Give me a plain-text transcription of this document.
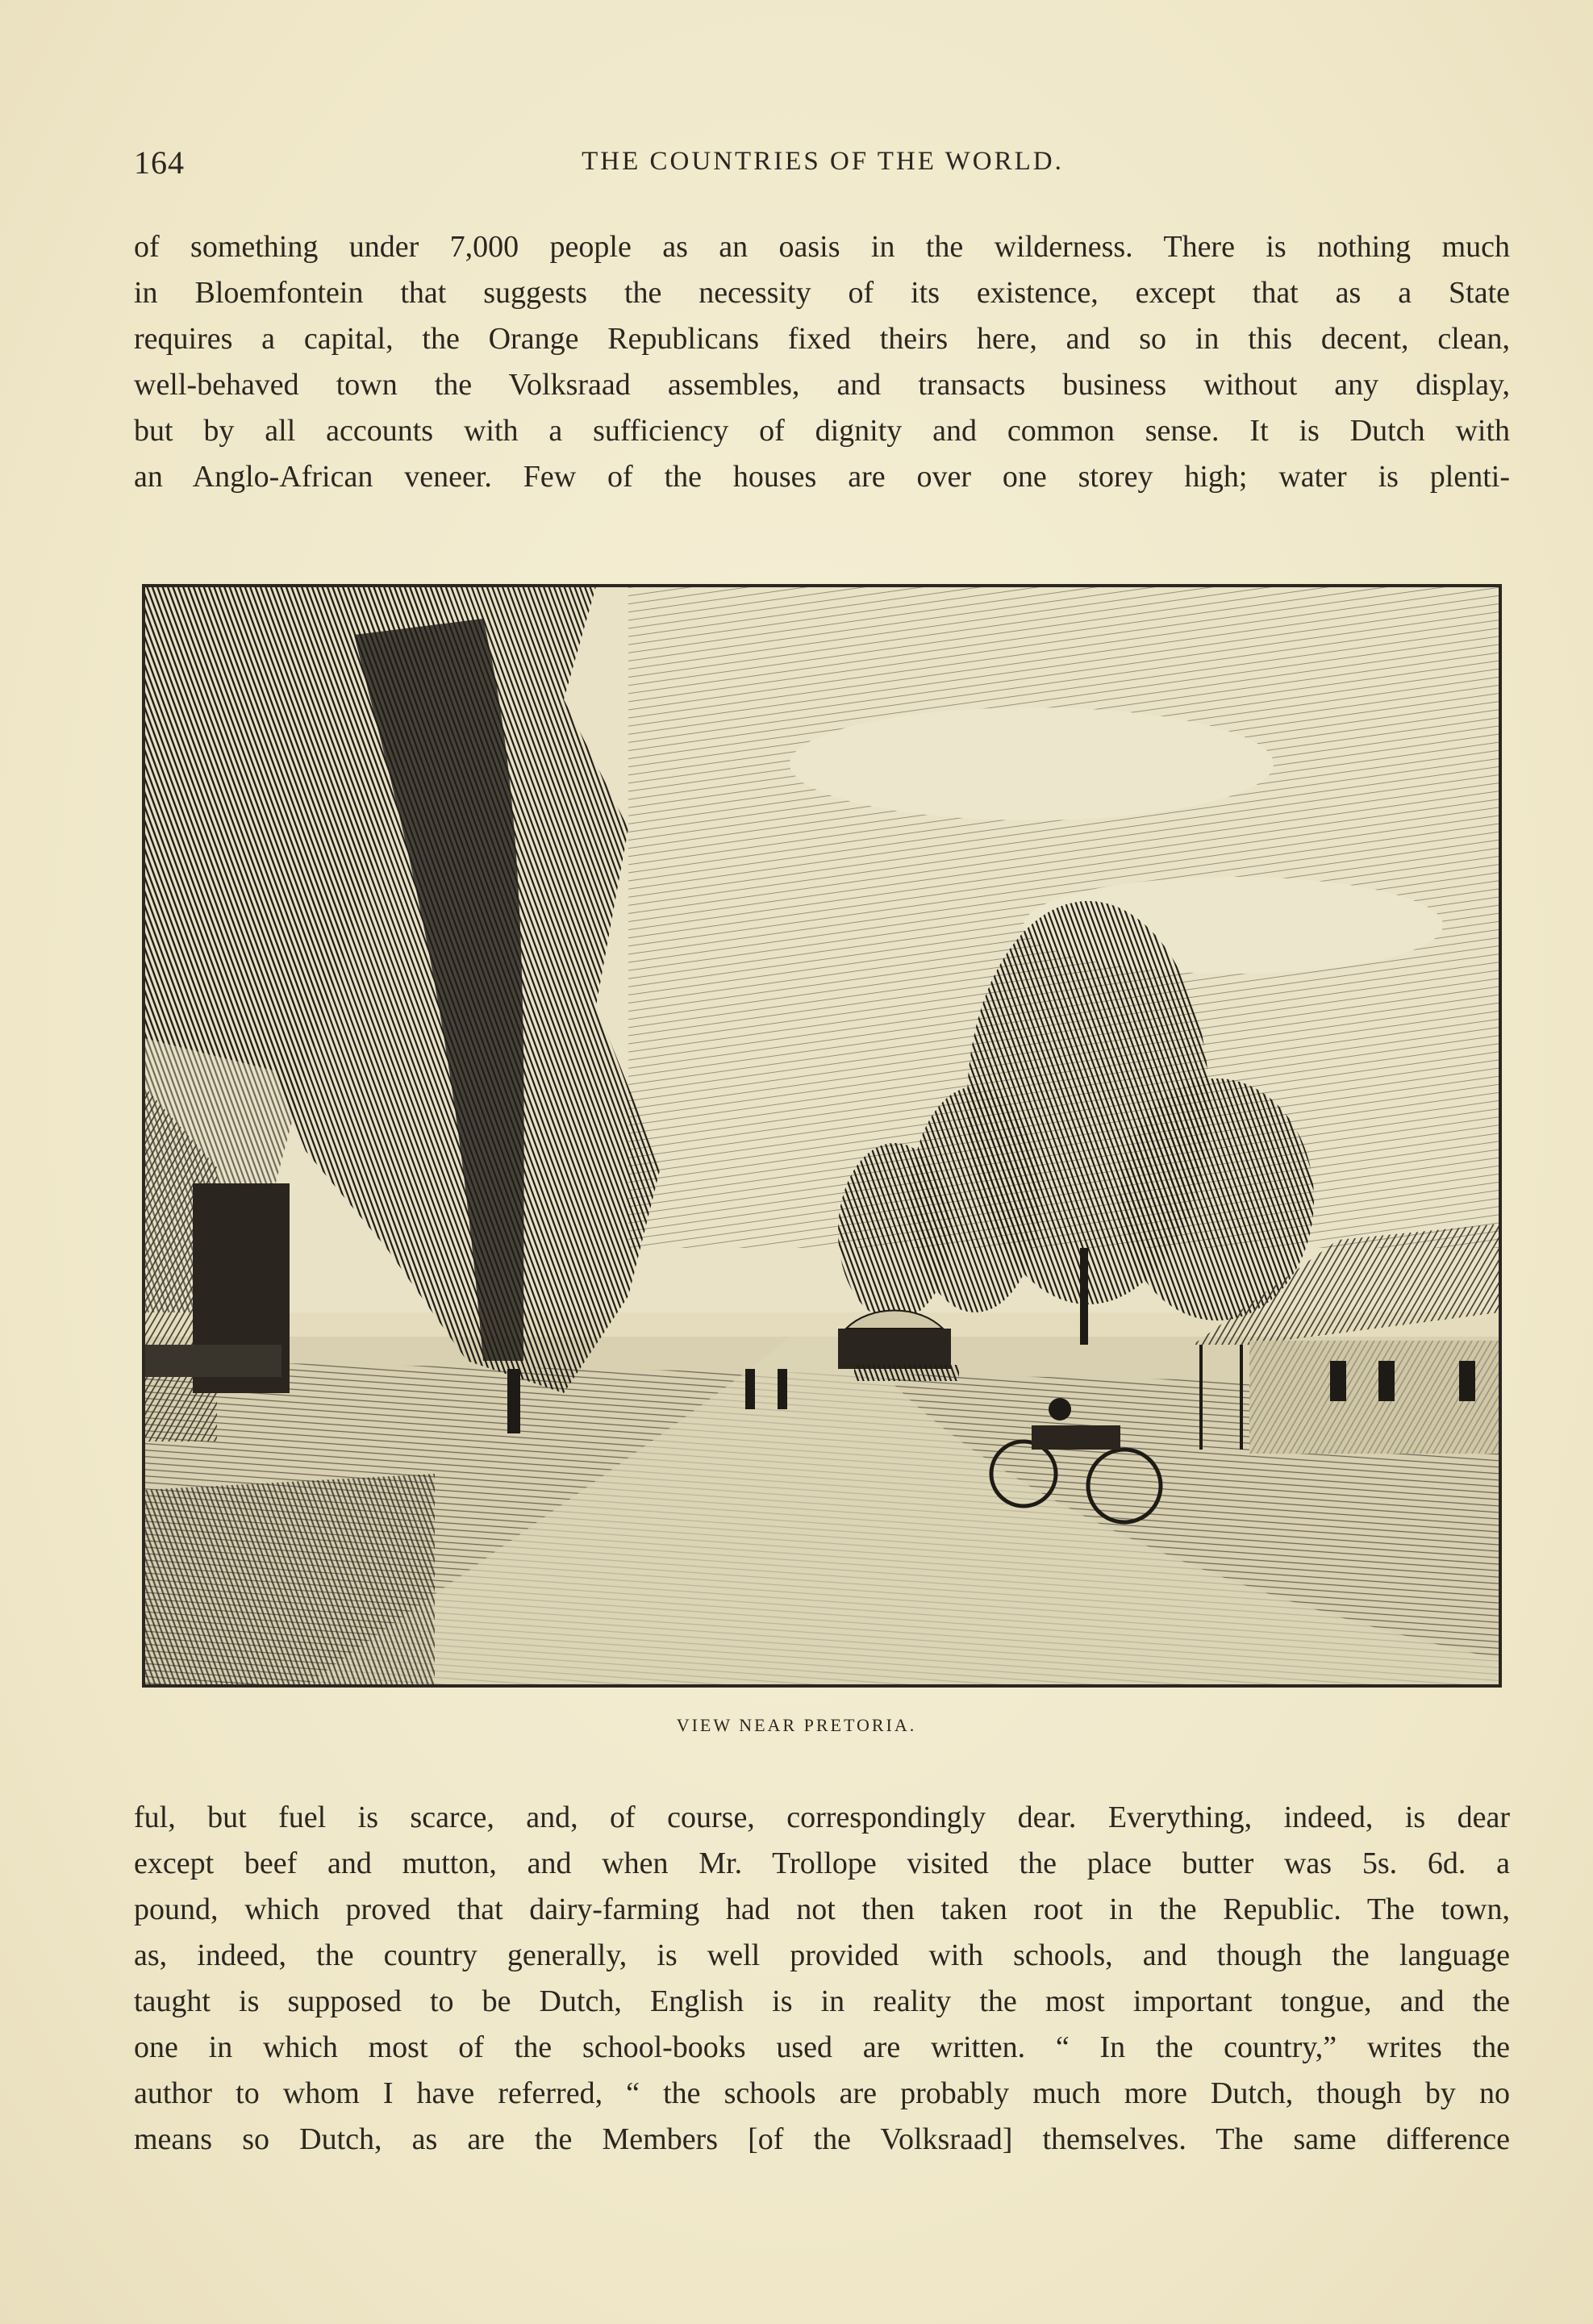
164	THE COUNTRIES OF THE WORLD.
of something under 7,000 people as an oasis in the wilderness. There is nothing much
in Bloemfontein that suggests the necessity of its existence, except that as a State
requires a capital, the Orange Republicans fixed theirs here, and so in this decent, clean,
well-behaved town the Volksraad assembles, and transacts business without any display,
but by all accounts with a sufficiency of dignity and common sense. It is Dutch with
an Anglo-African veneer. Few of the houses are over one storey high; water is plenti-
VIEW NEAR PRETORIA.
ful, but fuel is scarce, and, of course, correspondingly dear. Everything, indeed, is dear
except beef and mutton, and when Mr. Trollope visited the place butter was 5s. 6d. a
pound, which proved that dairy-farming had not then taken root in the Republic. The town,
as, indeed, the country generally, is well provided with schools, and though the language
taught is supposed to be Dutch, English is in reality the most important tongue, and the
one in which most of the school-books used are written. “ In the country,” writes the
author to whom I have referred, “ the schools are probably much more Dutch, though by no
means so Dutch, as are the Members [of the Volksraad] themselves. The same difference
